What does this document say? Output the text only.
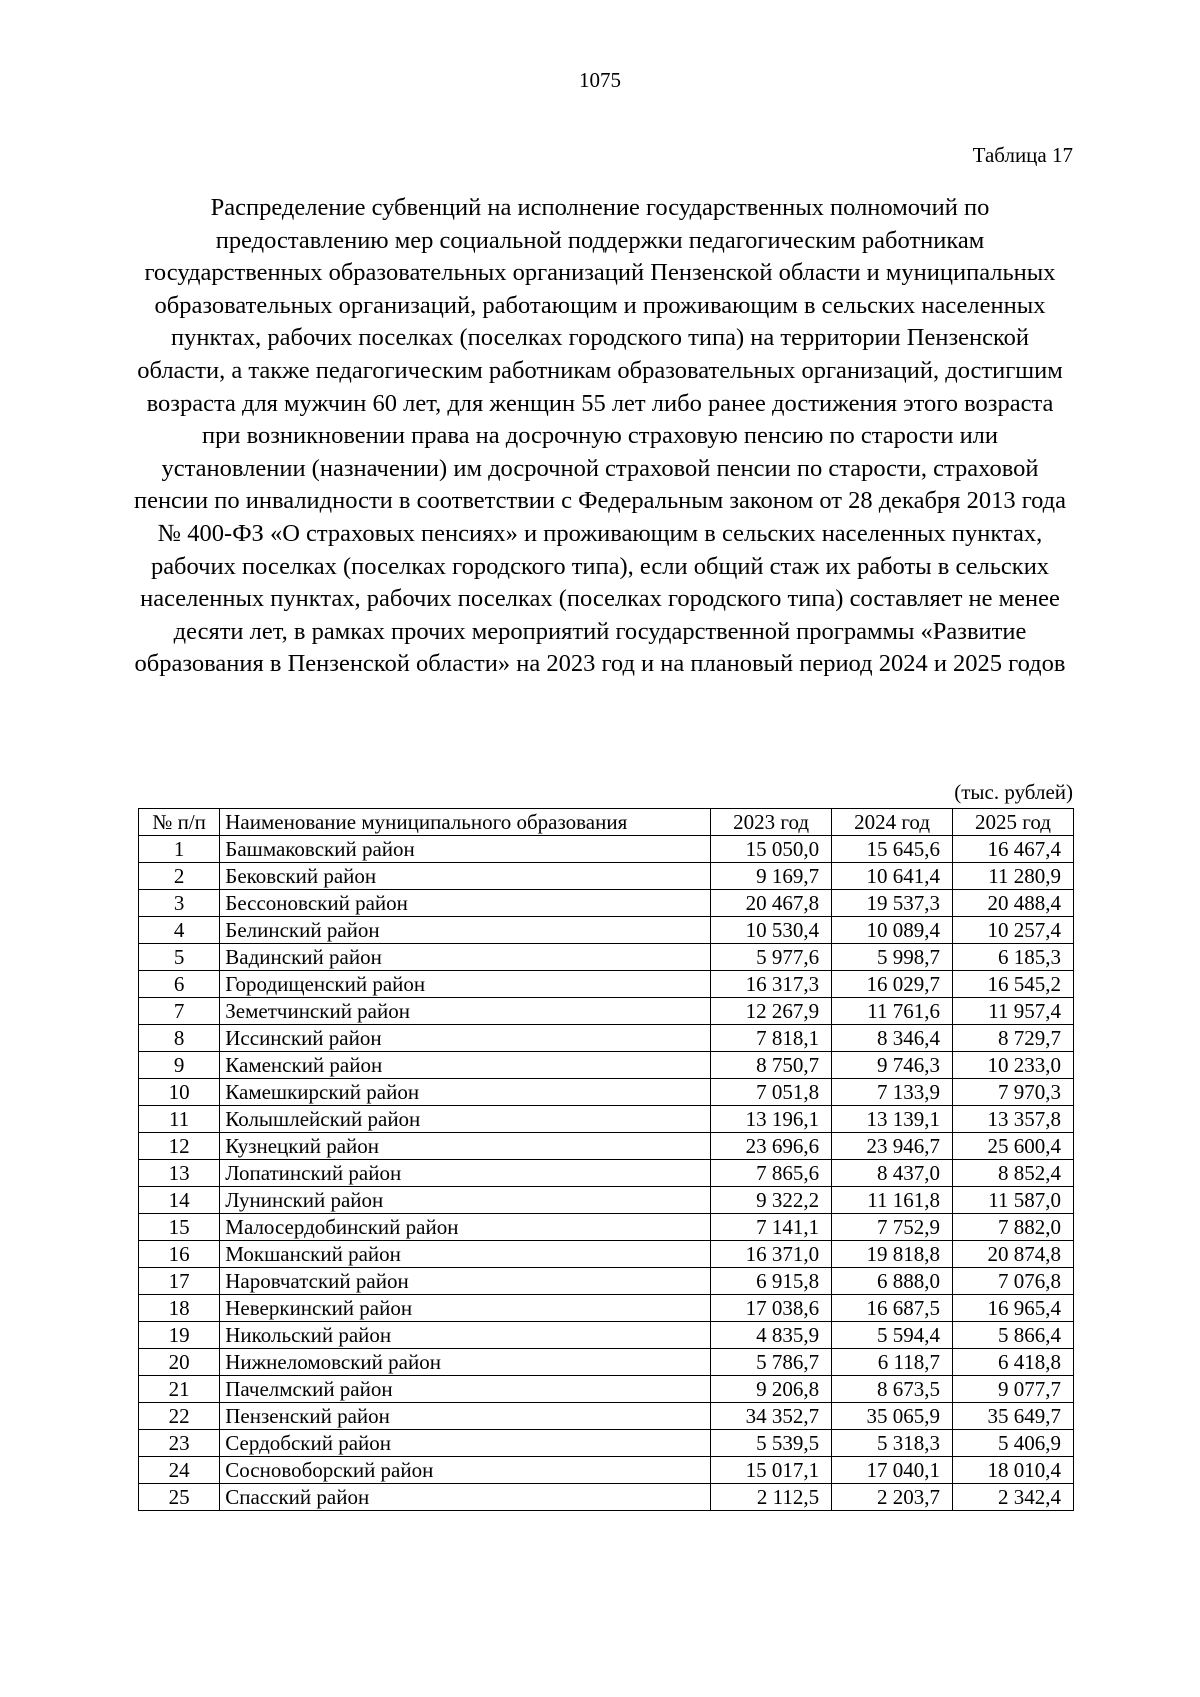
1075
Таблица 17
Распределение субвенций на исполнение государственных полномочий по предоставлению мер социальной поддержки педагогическим работникам государственных образовательных организаций Пензенской области и муниципальных образовательных организаций, работающим и проживающим в сельских населенных пунктах, рабочих поселках (поселках городского типа) на территории Пензенской области, а также педагогическим работникам образовательных организаций, достигшим возраста для мужчин 60 лет, для женщин 55 лет либо ранее достижения этого возраста при возникновении права на досрочную страховую пенсию по старости или установлении (назначении) им досрочной страховой пенсии по старости, страховой пенсии по инвалидности в соответствии с Федеральным законом от 28 декабря 2013 года № 400-ФЗ «О страховых пенсиях» и проживающим в сельских населенных пунктах, рабочих поселках (поселках городского типа), если общий стаж их работы в сельских населенных пунктах, рабочих поселках (поселках городского типа) составляет не менее десяти лет, в рамках прочих мероприятий государственной программы «Развитие образования в Пензенской области» на 2023 год и на плановый период 2024 и 2025 годов
(тыс. рублей)
№ п/п	Наименование муниципального образования	2023 год	2024 год	2025 год
1	Башмаковский район	15 050,0	15 645,6	16 467,4
2	Бековский район	9 169,7	10 641,4	11 280,9
3	Бессоновский район	20 467,8	19 537,3	20 488,4
4	Белинский район	10 530,4	10 089,4	10 257,4
5	Вадинский район	5 977,6	5 998,7	6 185,3
6	Городищенский район	16 317,3	16 029,7	16 545,2
7	Земетчинский район	12 267,9	11 761,6	11 957,4
8	Иссинский район	7 818,1	8 346,4	8 729,7
9	Каменский район	8 750,7	9 746,3	10 233,0
10	Камешкирский район	7 051,8	7 133,9	7 970,3
11	Колышлейский район	13 196,1	13 139,1	13 357,8
12	Кузнецкий район	23 696,6	23 946,7	25 600,4
13	Лопатинский район	7 865,6	8 437,0	8 852,4
14	Лунинский район	9 322,2	11 161,8	11 587,0
15	Малосердобинский район	7 141,1	7 752,9	7 882,0
16	Мокшанский район	16 371,0	19 818,8	20 874,8
17	Наровчатский район	6 915,8	6 888,0	7 076,8
18	Неверкинский район	17 038,6	16 687,5	16 965,4
19	Никольский район	4 835,9	5 594,4	5 866,4
20	Нижнеломовский район	5 786,7	6 118,7	6 418,8
21	Пачелмский район	9 206,8	8 673,5	9 077,7
22	Пензенский район	34 352,7	35 065,9	35 649,7
23	Сердобский район	5 539,5	5 318,3	5 406,9
24	Сосновоборский район	15 017,1	17 040,1	18 010,4
25	Спасский район	2 112,5	2 203,7	2 342,4
